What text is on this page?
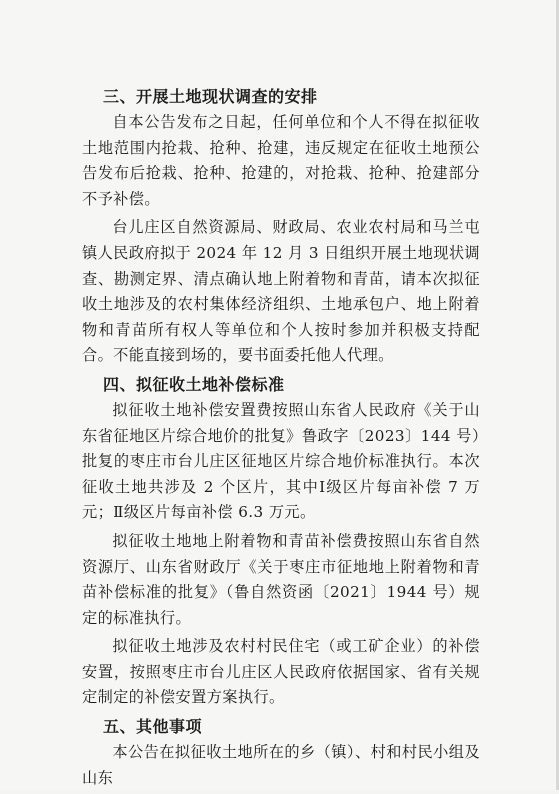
三、开展土地现状调查的安排

自本公告发布之日起，任何单位和个人不得在拟征收土地范围内抢栽、抢种、抢建，违反规定在征收土地预公告发布后抢栽、抢种、抢建的，对抢栽、抢种、抢建部分不予补偿。

台儿庄区自然资源局、财政局、农业农村局和马兰屯镇人民政府拟于 2024 年 12 月 3 日组织开展土地现状调查、勘测定界、清点确认地上附着物和青苗，请本次拟征收土地涉及的农村集体经济组织、土地承包户、地上附着物和青苗所有权人等单位和个人按时参加并积极支持配合。不能直接到场的，要书面委托他人代理。

四、拟征收土地补偿标准

拟征收土地补偿安置费按照山东省人民政府《关于山东省征地区片综合地价的批复》鲁政字〔2023〕144 号）批复的枣庄市台儿庄区征地区片综合地价标准执行。本次征收土地共涉及 2 个区片，其中Ⅰ级区片每亩补偿 7 万元；Ⅱ级区片每亩补偿 6.3 万元。

拟征收土地地上附着物和青苗补偿费按照山东省自然资源厅、山东省财政厅《关于枣庄市征地地上附着物和青苗补偿标准的批复》（鲁自然资函〔2021〕1944 号）规定的标准执行。

拟征收土地涉及农村村民住宅（或工矿企业）的补偿安置，按照枣庄市台儿庄区人民政府依据国家、省有关规定制定的补偿安置方案执行。

五、其他事项

本公告在拟征收土地所在的乡（镇）、村和村民小组及山东
